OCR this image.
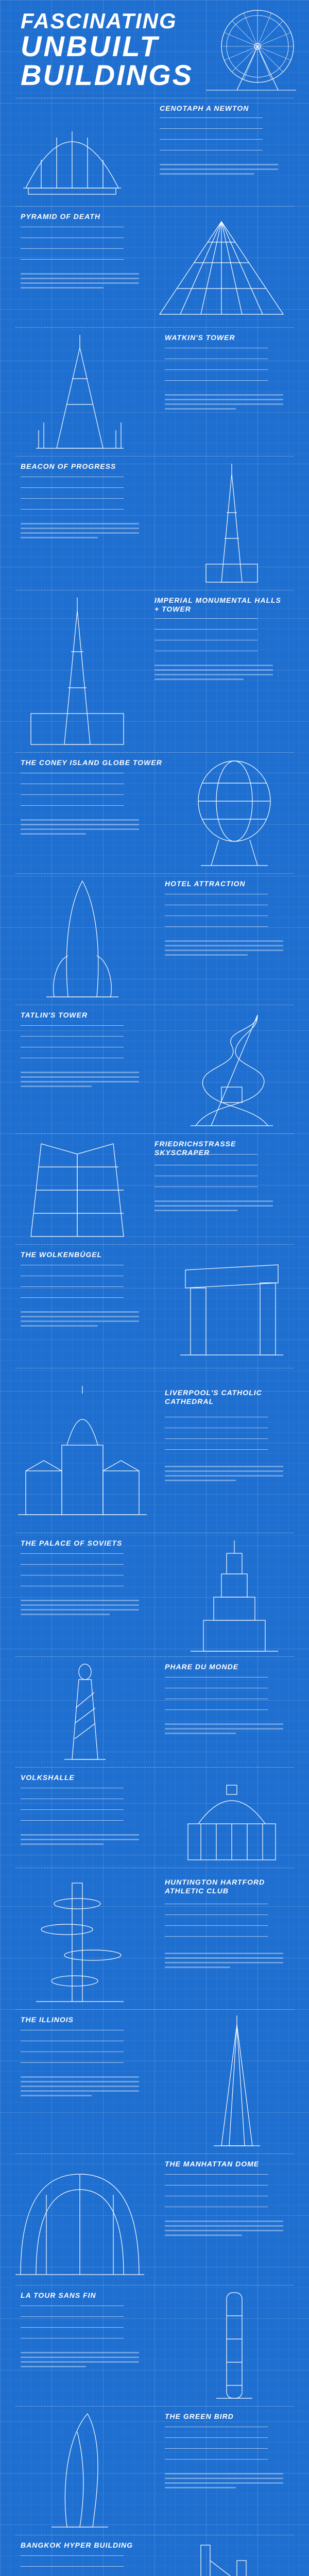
FASCINATING
UNBUILT
BUILDINGS
CENOTAPH A NEWTON
PYRAMID OF DEATH
WATKIN'S TOWER
BEACON OF PROGRESS
IMPERIAL MONUMENTAL HALLS + TOWER
THE CONEY ISLAND GLOBE TOWER
HOTEL ATTRACTION
TATLIN'S TOWER
FRIEDRICHSTRASSE SKYSCRAPER
THE WOLKENBÜGEL
LIVERPOOL'S CATHOLIC CATHEDRAL
THE PALACE OF SOVIETS
PHARE DU MONDE
VOLKSHALLE
HUNTINGTON HARTFORD ATHLETIC CLUB
THE ILLINOIS
THE MANHATTAN DOME
LA TOUR SANS FIN
THE GREEN BIRD
BANGKOK HYPER BUILDING
